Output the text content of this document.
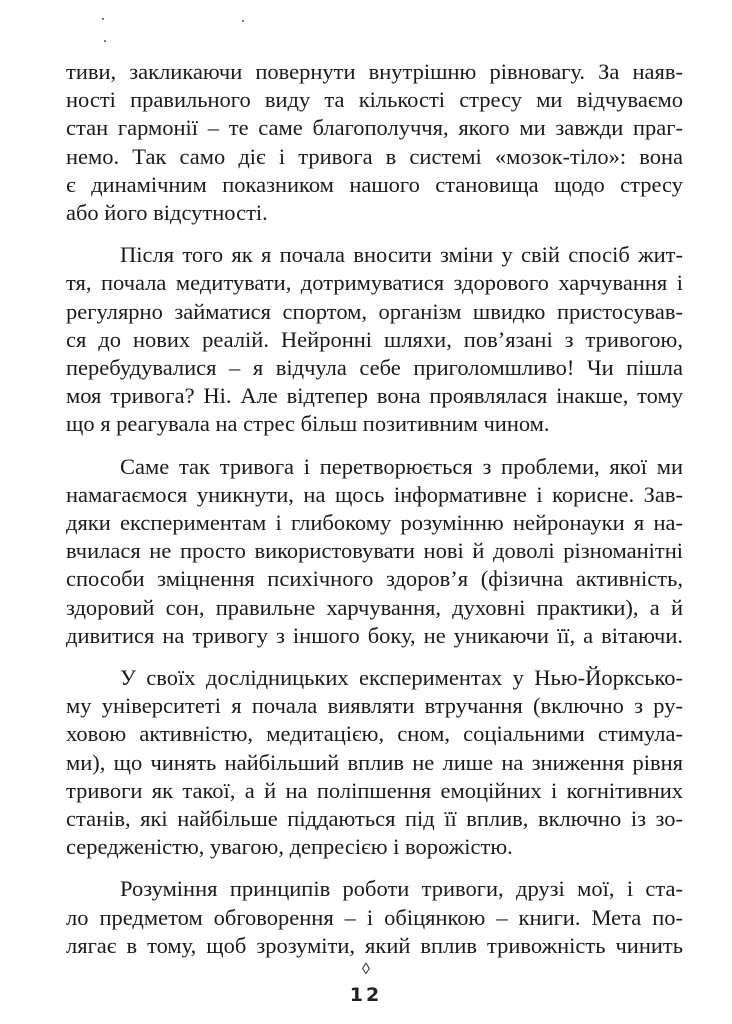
тиви, закликаючи повернути внутрішню рівновагу. За наяв-
ності правильного виду та кількості стресу ми відчуваємо
стан гармонії – те саме благополуччя, якого ми завжди праг-
немо. Так само діє і тривога в системі «мозок-тіло»: вона
є динамічним показником нашого становища щодо стресу
або його відсутності.

Після того як я почала вносити зміни у свій спосіб жит-
тя, почала медитувати, дотримуватися здорового харчування і
регулярно займатися спортом, організм швидко пристосував-
ся до нових реалій. Нейронні шляхи, пов’язані з тривогою,
перебудувалися – я відчула себе приголомшливо! Чи пішла
моя тривога? Ні. Але відтепер вона проявлялася інакше, тому
що я реагувала на стрес більш позитивним чином.

Саме так тривога і перетворюється з проблеми, якої ми
намагаємося уникнути, на щось інформативне і корисне. Зав-
дяки експериментам і глибокому розумінню нейронауки я на-
вчилася не просто використовувати нові й доволі різноманітні
способи зміцнення психічного здоров’я (фізична активність,
здоровий сон, правильне харчування, духовні практики), а й
дивитися на тривогу з іншого боку, не уникаючи її, а вітаючи.

У своїх дослідницьких експериментах у Нью-Йорксько-
му університеті я почала виявляти втручання (включно з ру-
ховою активністю, медитацією, сном, соціальними стимула-
ми), що чинять найбільший вплив не лише на зниження рівня
тривоги як такої, а й на поліпшення емоційних і когнітивних
станів, які найбільше піддаються під її вплив, включно із зо-
середженістю, увагою, депресією і ворожістю.

Розуміння принципів роботи тривоги, друзі мої, і ста-
ло предметом обговорення – і обіцянкою – книги. Мета по-
лягає в тому, щоб зрозуміти, який вплив тривожність чинить

◊
12
